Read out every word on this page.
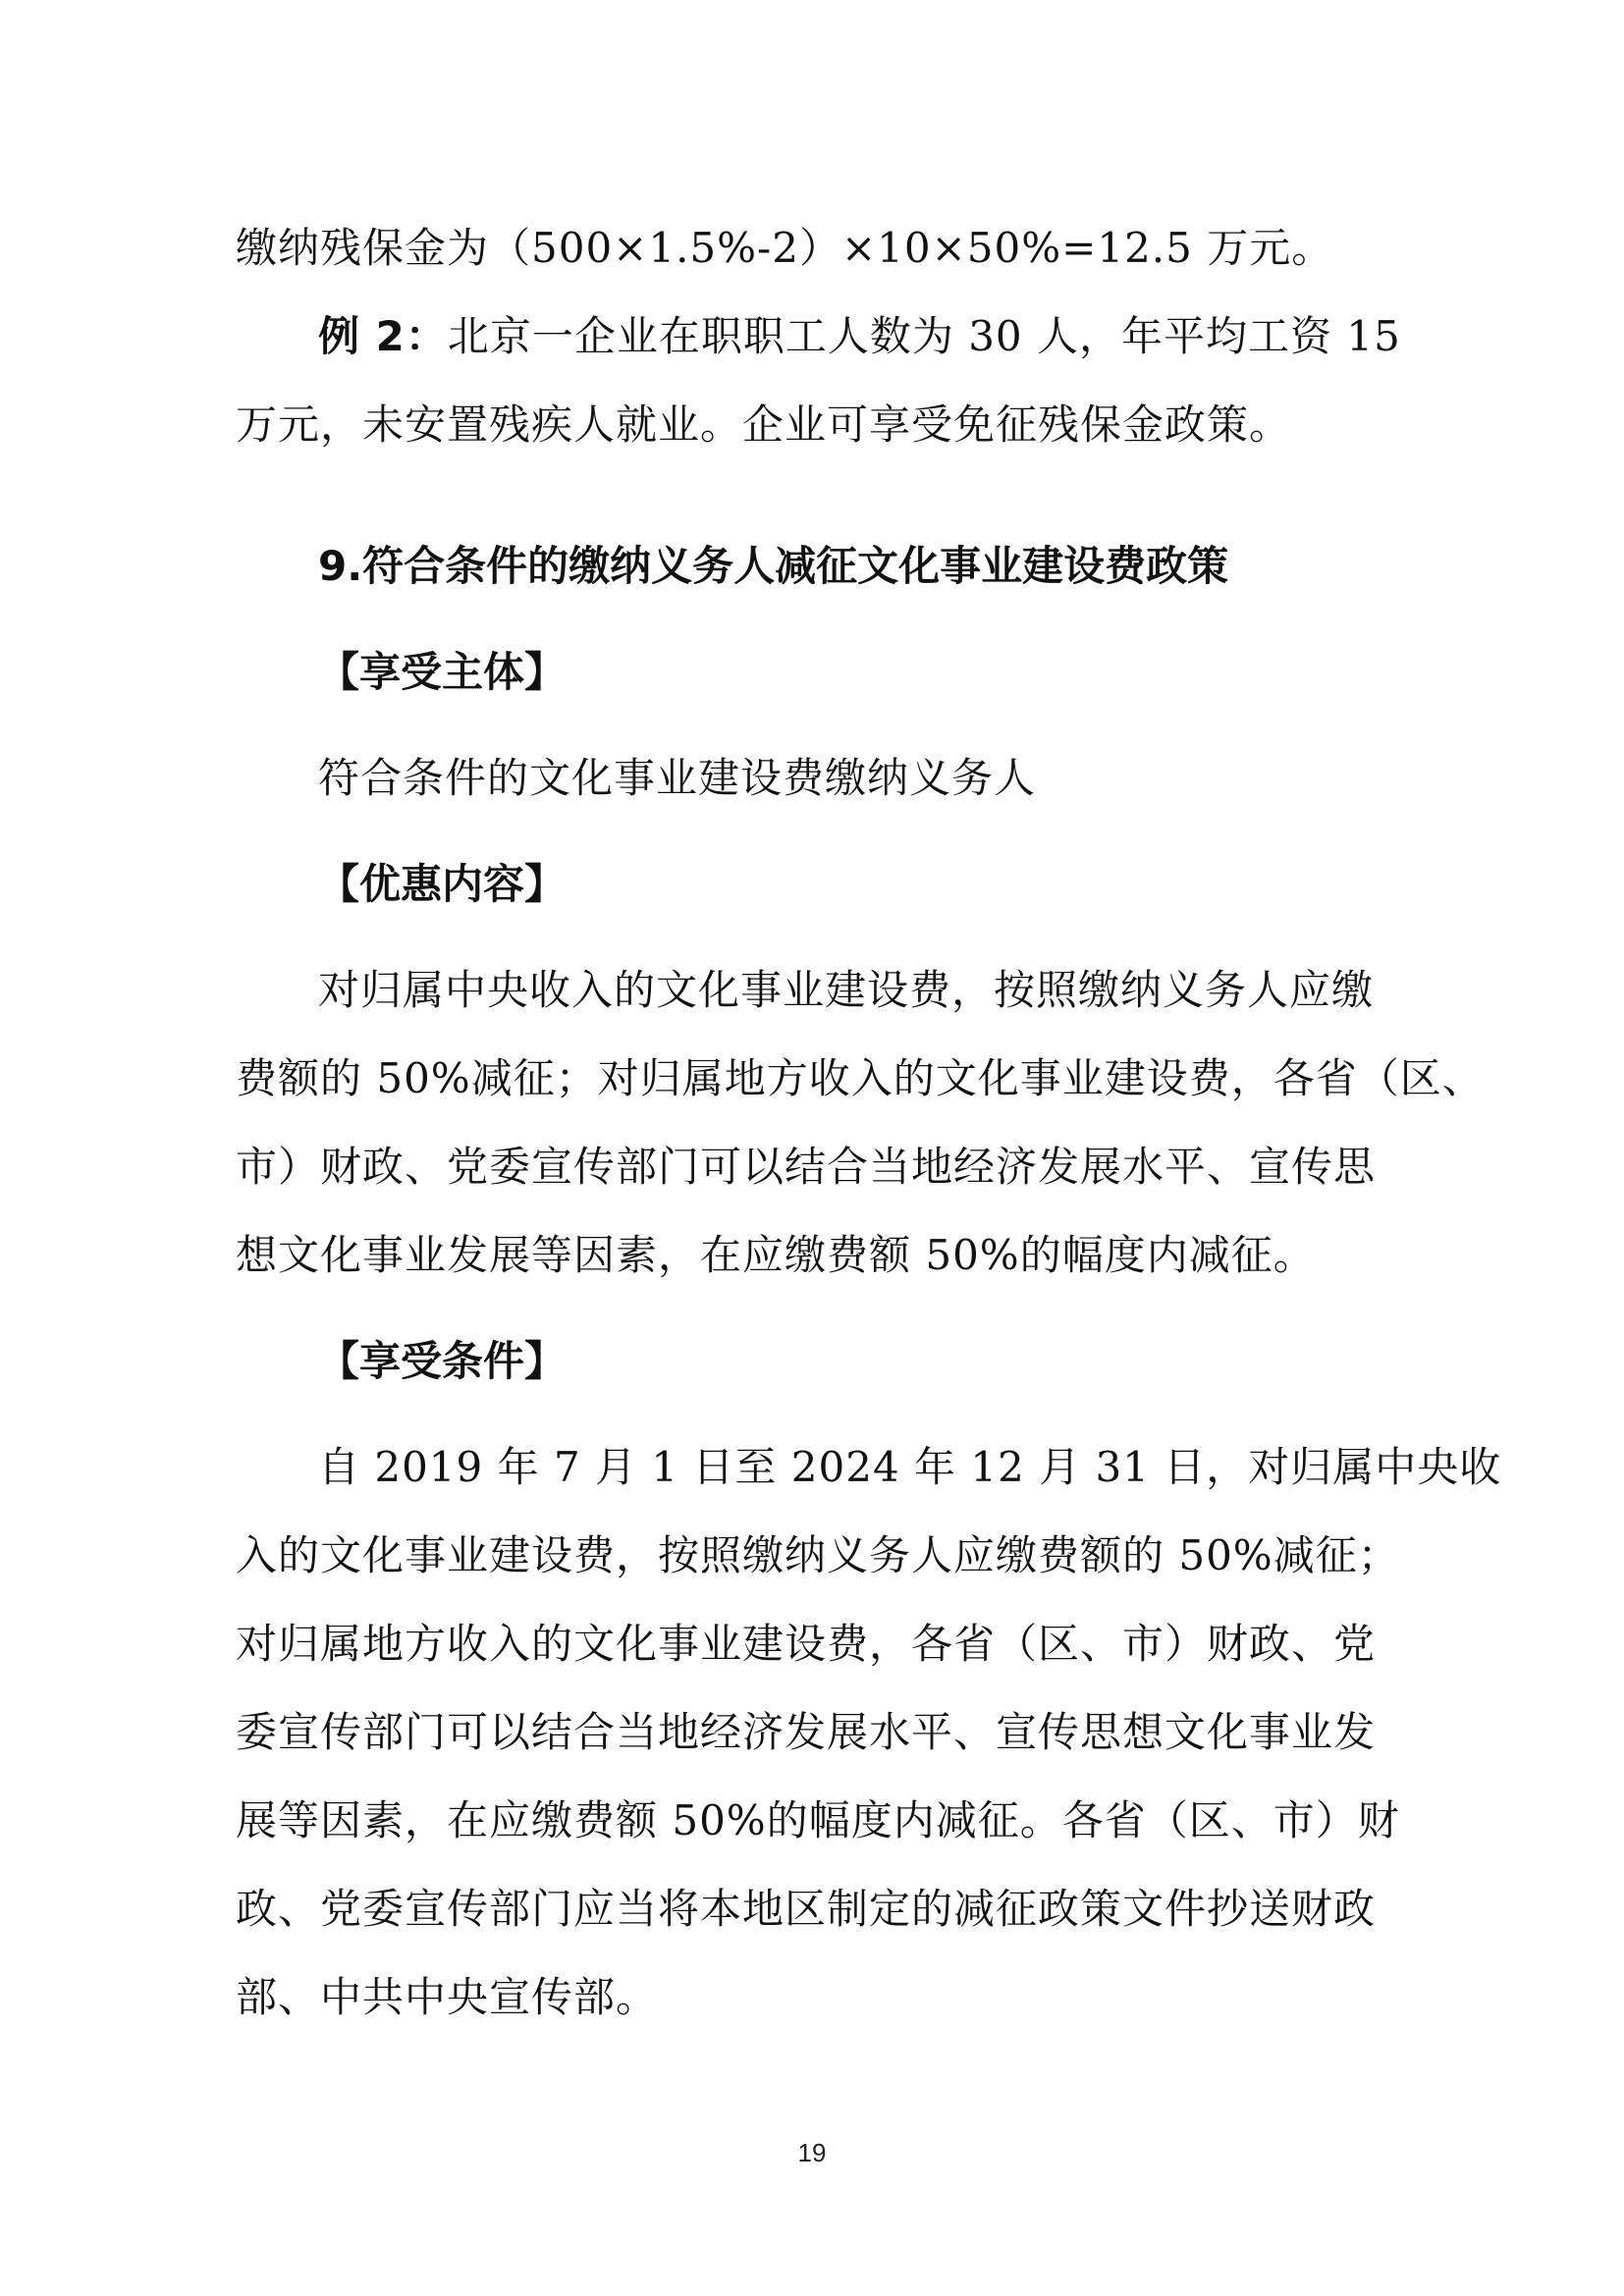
缴纳残保金为（500×1.5%-2）×10×50%=12.5 万元。
例 2：北京一企业在职职工人数为 30 人，年平均工资 15
万元，未安置残疾人就业。企业可享受免征残保金政策。
9.符合条件的缴纳义务人减征文化事业建设费政策
【享受主体】
符合条件的文化事业建设费缴纳义务人
【优惠内容】
对归属中央收入的文化事业建设费，按照缴纳义务人应缴
费额的 50%减征；对归属地方收入的文化事业建设费，各省（区、
市）财政、党委宣传部门可以结合当地经济发展水平、宣传思
想文化事业发展等因素，在应缴费额 50%的幅度内减征。
【享受条件】
自 2019 年 7 月 1 日至 2024 年 12 月 31 日，对归属中央收
入的文化事业建设费，按照缴纳义务人应缴费额的 50%减征；
对归属地方收入的文化事业建设费，各省（区、市）财政、党
委宣传部门可以结合当地经济发展水平、宣传思想文化事业发
展等因素，在应缴费额 50%的幅度内减征。各省（区、市）财
政、党委宣传部门应当将本地区制定的减征政策文件抄送财政
部、中共中央宣传部。
19
